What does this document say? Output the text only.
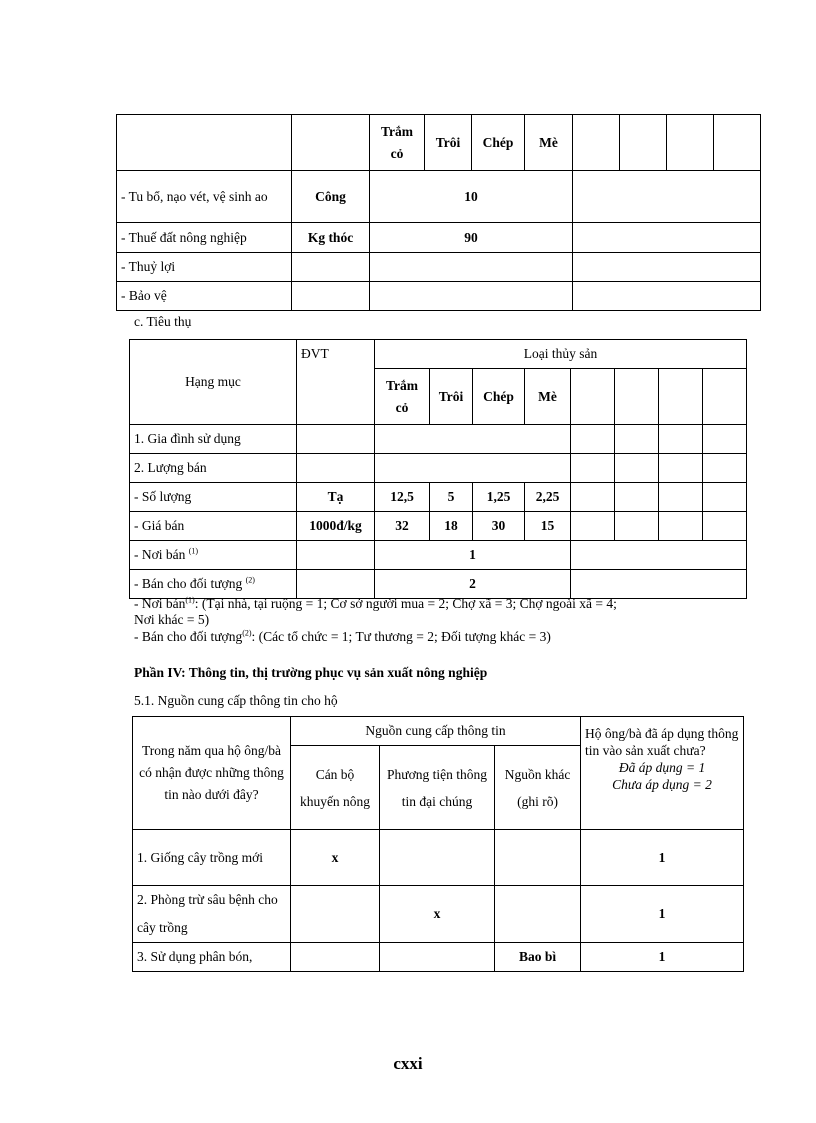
		Trắm cỏ	Trôi	Chép	Mè				
- Tu bổ, nạo vét, vệ sinh ao	Công	10							
- Thuế đất nông nghiệp	Kg thóc	90							
- Thuỷ lợi									
- Bảo vệ									
c. Tiêu thụ
Hạng mục	ĐVT	Loại thủy sản							
		Trắm cỏ	Trôi	Chép	Mè				
1. Gia đình sử dụng									
2. Lượng bán									
- Số lượng	Tạ	12,5	5	1,25	2,25				
- Giá bán	1000đ/kg	32	18	30	15				
- Nơi bán $^{(1)}$		1							
- Bán cho đối tượng $^{(2)}$		2							
- Nơi bán$^{(1)}$: (Tại nhà, tại ruộng = 1; Cơ sở người mua = 2; Chợ xã = 3; Chợ ngoài xã = 4;
Nơi khác = 5)
- Bán cho đối tượng$^{(2)}$: (Các tổ chức = 1; Tư thương = 2; Đối tượng khác = 3)
Phần IV: Thông tin, thị trường phục vụ sản xuất nông nghiệp
5.1. Nguồn cung cấp thông tin cho hộ
Trong năm qua hộ ông/bà có nhận được những thông tin nào dưới đây?	Nguồn cung cấp thông tin			Hộ ông/bà đã áp dụng thông tin vào sản xuất chưa?
Đã áp dụng = 1
Chưa áp dụng = 2

	Cán bộ khuyến nông	Phương tiện thông tin đại chúng	Nguồn khác (ghi rõ)	
1. Giống cây trồng mới	x			1
2. Phòng trừ sâu bệnh cho cây trồng		x		1
3. Sử dụng phân bón,			Bao bì	1
cxxi
